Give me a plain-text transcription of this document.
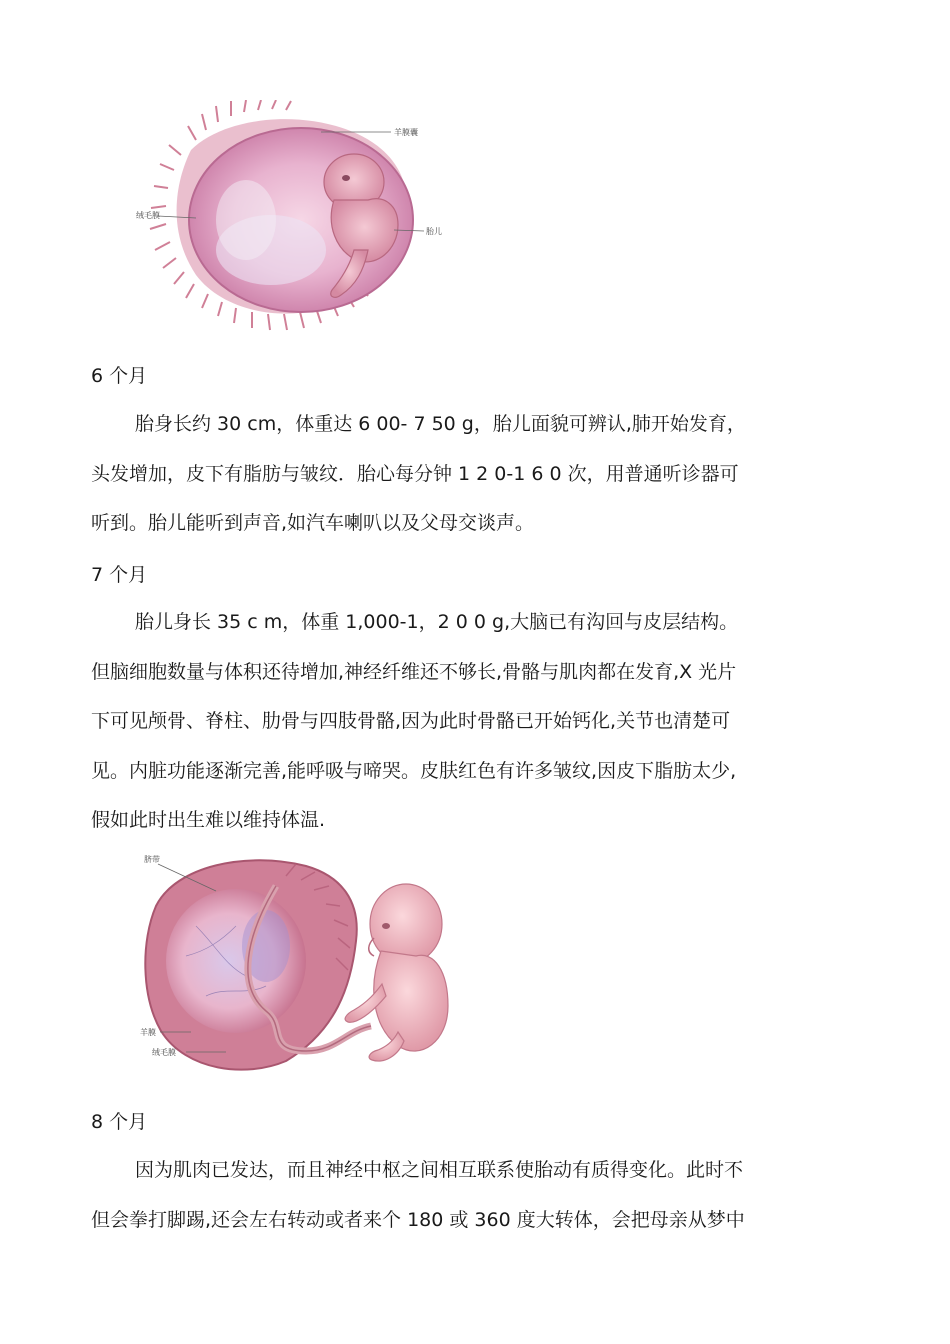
羊膜囊
绒毛膜
胎儿
6 个月
胎身长约 30 cm，体重达 6 00- 7 50 g，胎儿面貌可辨认,肺开始发育，
头发增加，皮下有脂肪与皱纹．胎心每分钟 1 2 0-1 6 0 次，用普通听诊器可
听到。胎儿能听到声音,如汽车喇叭以及父母交谈声。
7 个月
胎儿身长 35 c m，体重 1,000-1，2 0 0 g,大脑已有沟回与皮层结构。
但脑细胞数量与体积还待增加,神经纤维还不够长,骨骼与肌肉都在发育,X 光片
下可见颅骨、脊柱、肋骨与四肢骨骼,因为此时骨骼已开始钙化,关节也清楚可
见。内脏功能逐渐完善,能呼吸与啼哭。皮肤红色有许多皱纹,因皮下脂肪太少,
假如此时出生难以维持体温.
脐带
羊膜
绒毛膜
8 个月
因为肌肉已发达，而且神经中枢之间相互联系使胎动有质得变化。此时不
但会拳打脚踢,还会左右转动或者来个 180 或 360 度大转体，会把母亲从梦中
